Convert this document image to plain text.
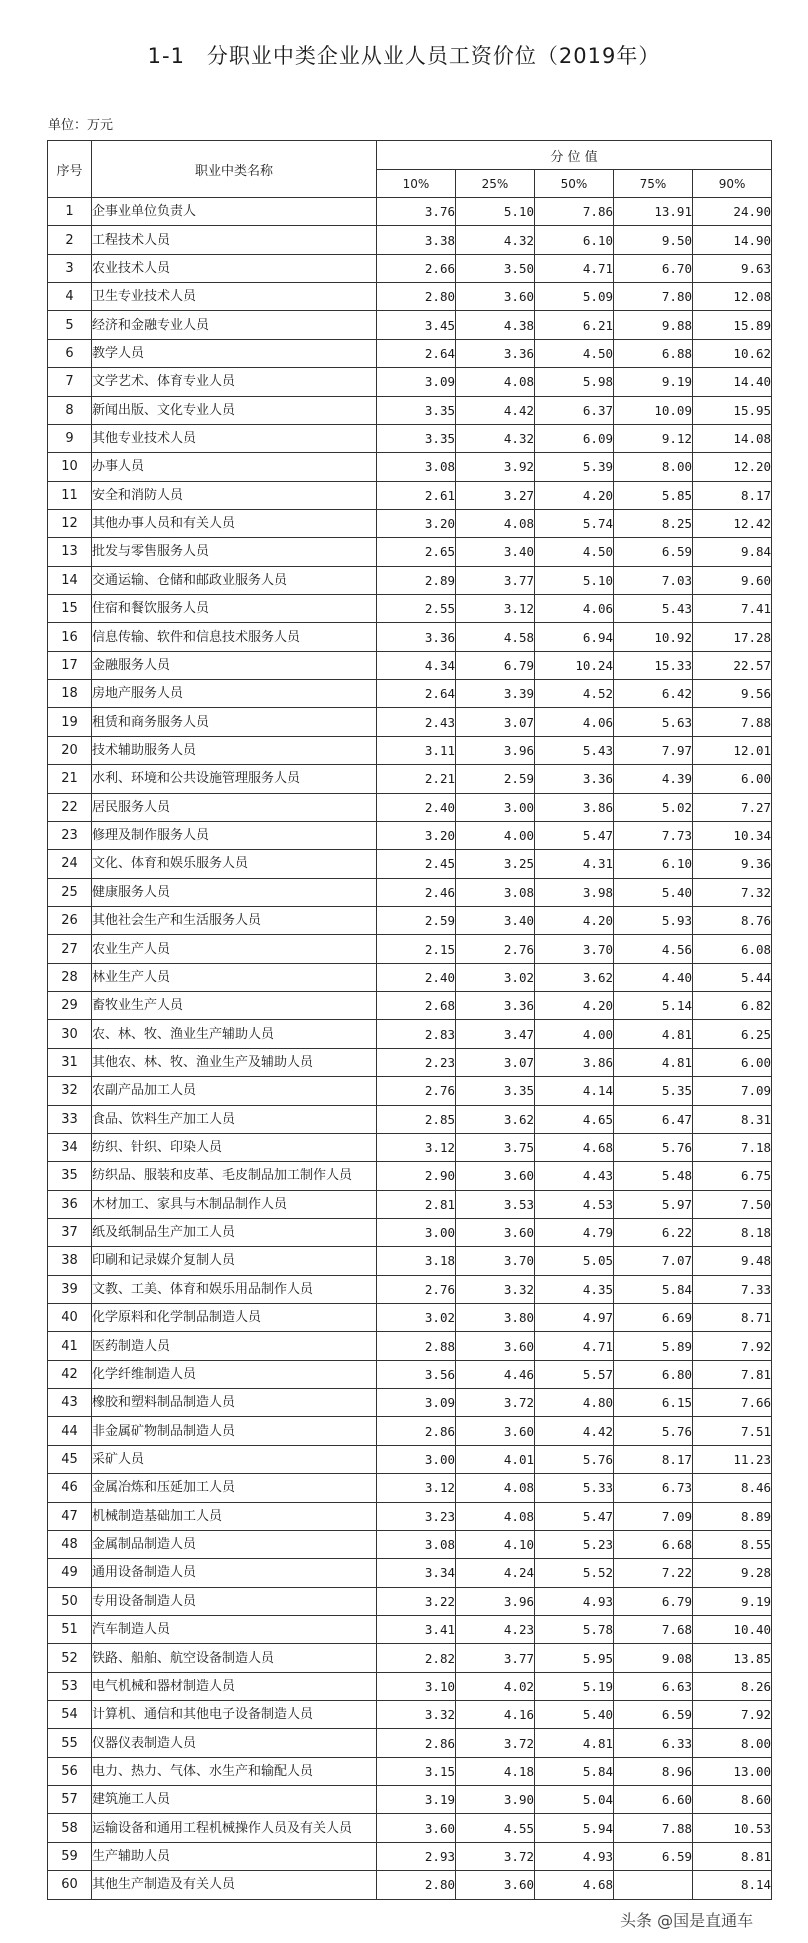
1-1　分职业中类企业从业人员工资价位（2019年）
单位：万元
序号	职业中类名称	分 位 值				
		10%	25%	50%	75%	90%
1	企事业单位负责人	3.76	5.10	7.86	13.91	24.90
2	工程技术人员	3.38	4.32	6.10	9.50	14.90
3	农业技术人员	2.66	3.50	4.71	6.70	9.63
4	卫生专业技术人员	2.80	3.60	5.09	7.80	12.08
5	经济和金融专业人员	3.45	4.38	6.21	9.88	15.89
6	教学人员	2.64	3.36	4.50	6.88	10.62
7	文学艺术、体育专业人员	3.09	4.08	5.98	9.19	14.40
8	新闻出版、文化专业人员	3.35	4.42	6.37	10.09	15.95
9	其他专业技术人员	3.35	4.32	6.09	9.12	14.08
10	办事人员	3.08	3.92	5.39	8.00	12.20
11	安全和消防人员	2.61	3.27	4.20	5.85	8.17
12	其他办事人员和有关人员	3.20	4.08	5.74	8.25	12.42
13	批发与零售服务人员	2.65	3.40	4.50	6.59	9.84
14	交通运输、仓储和邮政业服务人员	2.89	3.77	5.10	7.03	9.60
15	住宿和餐饮服务人员	2.55	3.12	4.06	5.43	7.41
16	信息传输、软件和信息技术服务人员	3.36	4.58	6.94	10.92	17.28
17	金融服务人员	4.34	6.79	10.24	15.33	22.57
18	房地产服务人员	2.64	3.39	4.52	6.42	9.56
19	租赁和商务服务人员	2.43	3.07	4.06	5.63	7.88
20	技术辅助服务人员	3.11	3.96	5.43	7.97	12.01
21	水利、环境和公共设施管理服务人员	2.21	2.59	3.36	4.39	6.00
22	居民服务人员	2.40	3.00	3.86	5.02	7.27
23	修理及制作服务人员	3.20	4.00	5.47	7.73	10.34
24	文化、体育和娱乐服务人员	2.45	3.25	4.31	6.10	9.36
25	健康服务人员	2.46	3.08	3.98	5.40	7.32
26	其他社会生产和生活服务人员	2.59	3.40	4.20	5.93	8.76
27	农业生产人员	2.15	2.76	3.70	4.56	6.08
28	林业生产人员	2.40	3.02	3.62	4.40	5.44
29	畜牧业生产人员	2.68	3.36	4.20	5.14	6.82
30	农、林、牧、渔业生产辅助人员	2.83	3.47	4.00	4.81	6.25
31	其他农、林、牧、渔业生产及辅助人员	2.23	3.07	3.86	4.81	6.00
32	农副产品加工人员	2.76	3.35	4.14	5.35	7.09
33	食品、饮料生产加工人员	2.85	3.62	4.65	6.47	8.31
34	纺织、针织、印染人员	3.12	3.75	4.68	5.76	7.18
35	纺织品、服装和皮革、毛皮制品加工制作人员	2.90	3.60	4.43	5.48	6.75
36	木材加工、家具与木制品制作人员	2.81	3.53	4.53	5.97	7.50
37	纸及纸制品生产加工人员	3.00	3.60	4.79	6.22	8.18
38	印刷和记录媒介复制人员	3.18	3.70	5.05	7.07	9.48
39	文教、工美、体育和娱乐用品制作人员	2.76	3.32	4.35	5.84	7.33
40	化学原料和化学制品制造人员	3.02	3.80	4.97	6.69	8.71
41	医药制造人员	2.88	3.60	4.71	5.89	7.92
42	化学纤维制造人员	3.56	4.46	5.57	6.80	7.81
43	橡胶和塑料制品制造人员	3.09	3.72	4.80	6.15	7.66
44	非金属矿物制品制造人员	2.86	3.60	4.42	5.76	7.51
45	采矿人员	3.00	4.01	5.76	8.17	11.23
46	金属冶炼和压延加工人员	3.12	4.08	5.33	6.73	8.46
47	机械制造基础加工人员	3.23	4.08	5.47	7.09	8.89
48	金属制品制造人员	3.08	4.10	5.23	6.68	8.55
49	通用设备制造人员	3.34	4.24	5.52	7.22	9.28
50	专用设备制造人员	3.22	3.96	4.93	6.79	9.19
51	汽车制造人员	3.41	4.23	5.78	7.68	10.40
52	铁路、船舶、航空设备制造人员	2.82	3.77	5.95	9.08	13.85
53	电气机械和器材制造人员	3.10	4.02	5.19	6.63	8.26
54	计算机、通信和其他电子设备制造人员	3.32	4.16	5.40	6.59	7.92
55	仪器仪表制造人员	2.86	3.72	4.81	6.33	8.00
56	电力、热力、气体、水生产和输配人员	3.15	4.18	5.84	8.96	13.00
57	建筑施工人员	3.19	3.90	5.04	6.60	8.60
58	运输设备和通用工程机械操作人员及有关人员	3.60	4.55	5.94	7.88	10.53
59	生产辅助人员	2.93	3.72	4.93	6.59	8.81
60	其他生产制造及有关人员	2.80	3.60	4.68		8.14
头条 @国是直通车
